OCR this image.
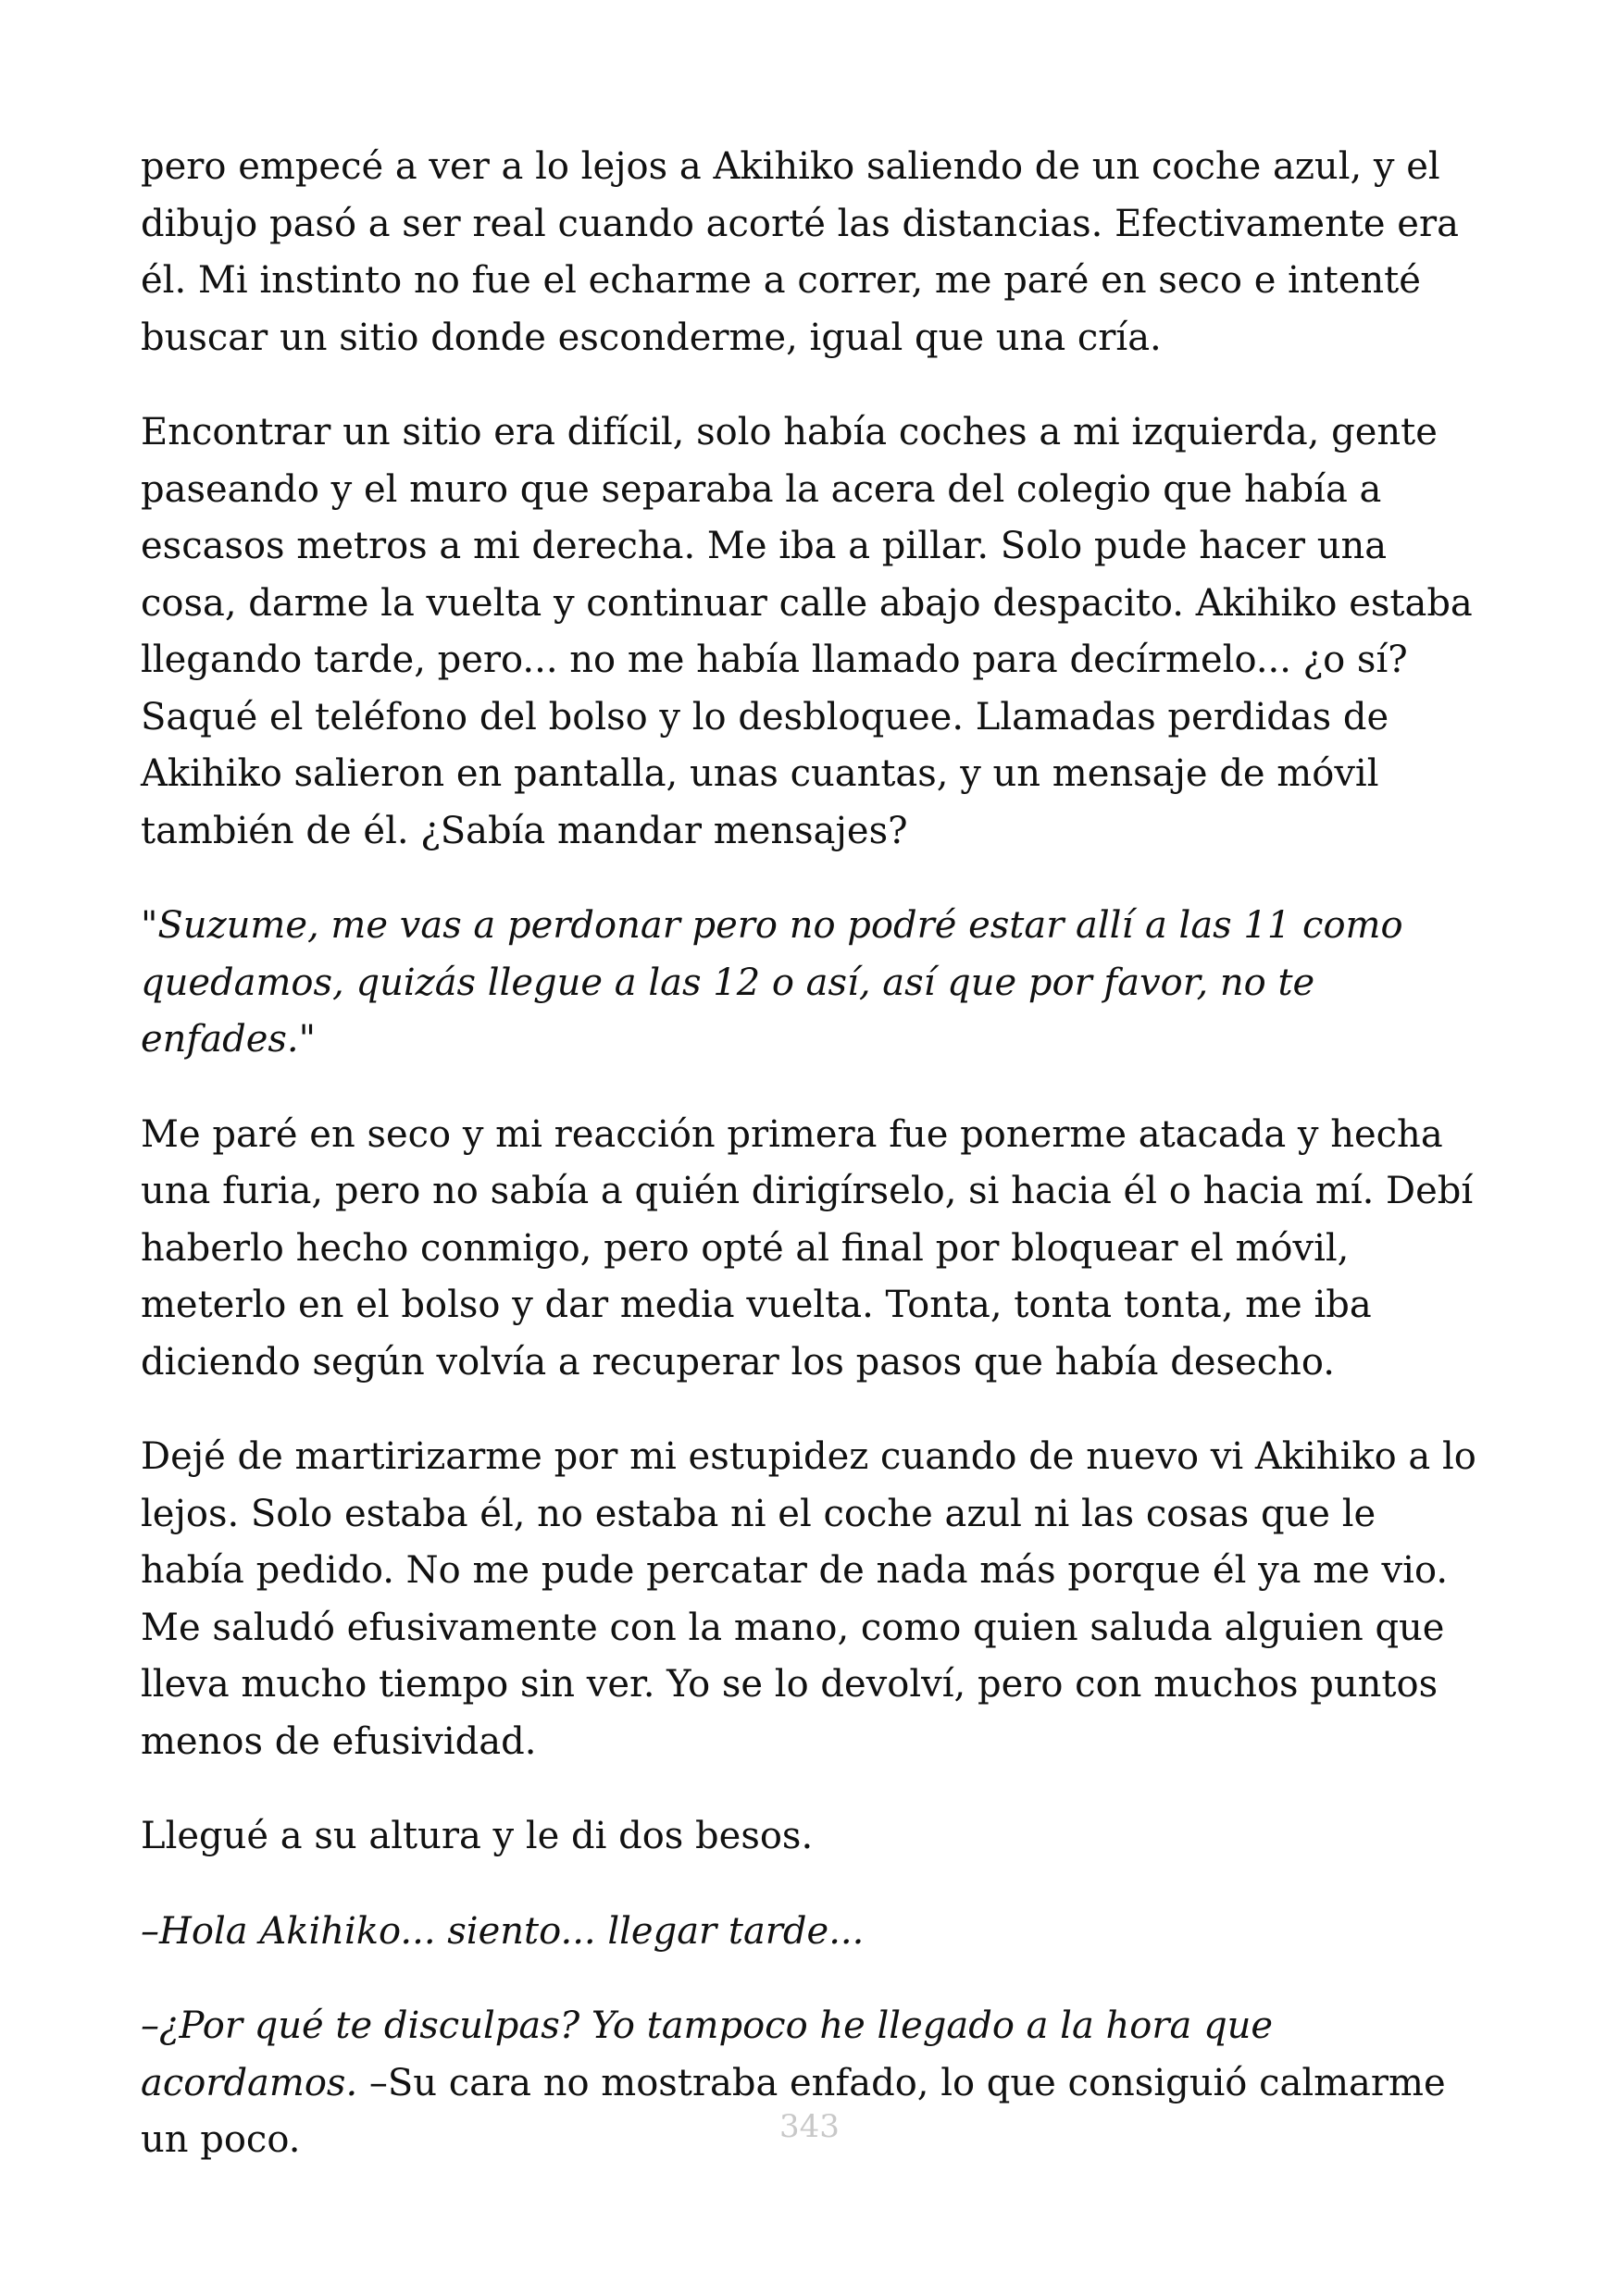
pero empecé a ver a lo lejos a Akihiko saliendo de un coche azul, y el dibujo pasó a ser real cuando acorté las distancias. Efectivamente era él. Mi instinto no fue el echarme a correr, me paré en seco e intenté buscar un sitio donde esconderme, igual que una cría.

Encontrar un sitio era difícil, solo había coches a mi izquierda, gente paseando y el muro que separaba la acera del colegio que había a escasos metros a mi derecha. Me iba a pillar. Solo pude hacer una cosa, darme la vuelta y continuar calle abajo despacito. Akihiko estaba llegando tarde, pero... no me había llamado para decírmelo... ¿o sí? Saqué el teléfono del bolso y lo desbloquee. Llamadas perdidas de Akihiko salieron en pantalla, unas cuantas, y un mensaje de móvil también de él. ¿Sabía mandar mensajes?

"Suzume, me vas a perdonar pero no podré estar allí a las 11 como quedamos, quizás llegue a las 12 o así, así que por favor, no te enfades."

Me paré en seco y mi reacción primera fue ponerme atacada y hecha una furia, pero no sabía a quién dirigírselo, si hacia él o hacia mí. Debí haberlo hecho conmigo, pero opté al final por bloquear el móvil, meterlo en el bolso y dar media vuelta. Tonta, tonta tonta, me iba diciendo según volvía a recuperar los pasos que había desecho.

Dejé de martirizarme por mi estupidez cuando de nuevo vi Akihiko a lo lejos. Solo estaba él, no estaba ni el coche azul ni las cosas que le había pedido. No me pude percatar de nada más porque él ya me vio. Me saludó efusivamente con la mano, como quien saluda alguien que lleva mucho tiempo sin ver. Yo se lo devolví, pero con muchos puntos menos de efusividad.

Llegué a su altura y le di dos besos.

–Hola Akihiko... siento... llegar tarde...

–¿Por qué te disculpas? Yo tampoco he llegado a la hora que acordamos. –Su cara no mostraba enfado, lo que consiguió calmarme un poco.	343
